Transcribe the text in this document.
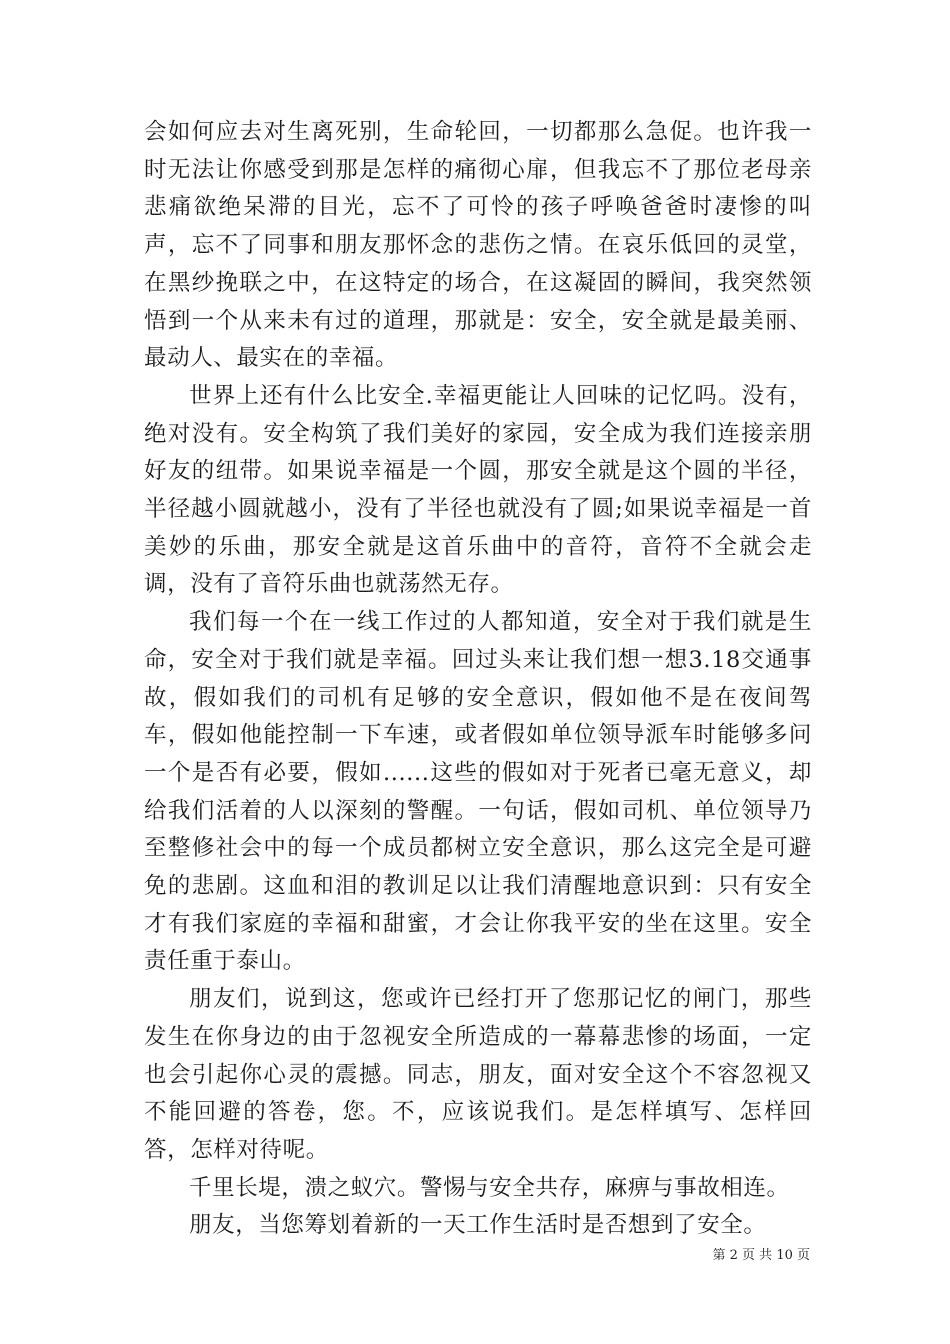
会如何应去对生离死别，生命轮回，一切都那么急促。也许我一时无法让你感受到那是怎样的痛彻心扉，但我忘不了那位老母亲悲痛欲绝呆滞的目光，忘不了可怜的孩子呼唤爸爸时凄惨的叫声，忘不了同事和朋友那怀念的悲伤之情。在哀乐低回的灵堂，在黑纱挽联之中，在这特定的场合，在这凝固的瞬间，我突然领悟到一个从来未有过的道理，那就是：安全，安全就是最美丽、最动人、最实在的幸福。

世界上还有什么比安全.幸福更能让人回味的记忆吗。没有，绝对没有。安全构筑了我们美好的家园，安全成为我们连接亲朋好友的纽带。如果说幸福是一个圆，那安全就是这个圆的半径，半径越小圆就越小，没有了半径也就没有了圆;如果说幸福是一首美妙的乐曲，那安全就是这首乐曲中的音符，音符不全就会走调，没有了音符乐曲也就荡然无存。

我们每一个在一线工作过的人都知道，安全对于我们就是生命，安全对于我们就是幸福。回过头来让我们想一想3.18交通事故，假如我们的司机有足够的安全意识，假如他不是在夜间驾车，假如他能控制一下车速，或者假如单位领导派车时能够多问一个是否有必要，假如......这些的假如对于死者已毫无意义，却给我们活着的人以深刻的警醒。一句话，假如司机、单位领导乃至整修社会中的每一个成员都树立安全意识，那么这完全是可避免的悲剧。这血和泪的教训足以让我们清醒地意识到：只有安全才有我们家庭的幸福和甜蜜，才会让你我平安的坐在这里。安全责任重于泰山。

朋友们，说到这，您或许已经打开了您那记忆的闸门，那些发生在你身边的由于忽视安全所造成的一幕幕悲惨的场面，一定也会引起你心灵的震撼。同志，朋友，面对安全这个不容忽视又不能回避的答卷，您。不，应该说我们。是怎样填写、怎样回答，怎样对待呢。

千里长堤，溃之蚁穴。警惕与安全共存，麻痹与事故相连。

朋友，当您筹划着新的一天工作生活时是否想到了安全。

第 2 页 共 10 页
